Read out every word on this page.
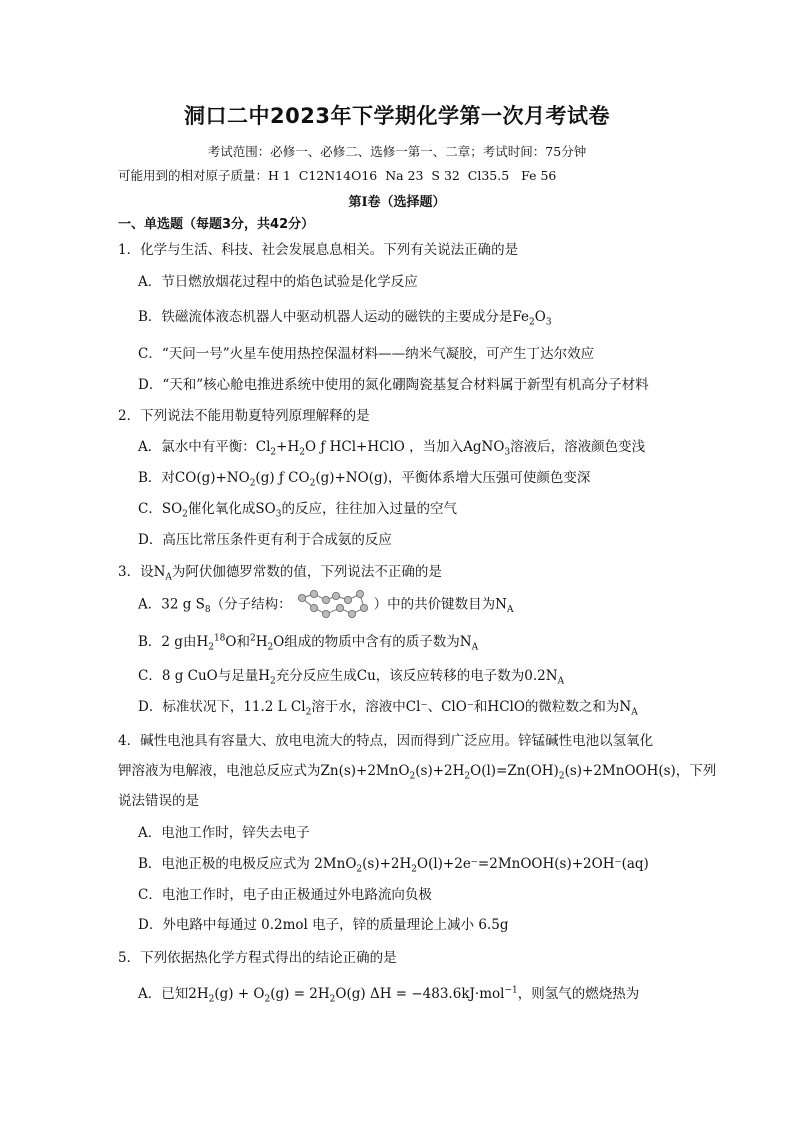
洞口二中2023年下学期化学第一次月考试卷
考试范围：必修一、必修二、选修一第一、二章；考试时间：75分钟
可能用到的相对原子质量：H 1  C12N14O16  Na 23  S 32  Cl35.5   Fe 56
第Ⅰ卷（选择题）
一、单选题（每题3分，共42分）
1．化学与生活、科技、社会发展息息相关。下列有关说法正确的是
A．节日燃放烟花过程中的焰色试验是化学反应
B．铁磁流体液态机器人中驱动机器人运动的磁铁的主要成分是$Fe_2O_3$
C．“天问一号”火星车使用热控保温材料——纳米气凝胶，可产生丁达尔效应
D．“天和”核心舱电推进系统中使用的氮化硼陶瓷基复合材料属于新型有机高分子材料
2．下列说法不能用勒夏特列原理解释的是
A．氯水中有平衡：$Cl_2+H_2O$ ƒ HCl+HClO ，当加入AgNO$_3$溶液后，溶液颜色变浅
B．对$CO(g)+NO_2(g)$ ƒ $CO_2(g)+NO(g)$，平衡体系增大压强可使颜色变深
C．$SO_2$催化氧化成$SO_3$的反应，往往加入过量的空气
D．高压比常压条件更有利于合成氨的反应
3．设$N_A$为阿伏伽德罗常数的值，下列说法不正确的是
A．32 g $S_8$（分子结构：	）中的共价键数目为$N_A$
B．2 g由$H_2^{18}O$和$^2H_2O$组成的物质中含有的质子数为$N_A$
C．8 g CuO与足量$H_2$充分反应生成Cu，该反应转移的电子数为$0.2N_A$
D．标准状况下，11.2 L $Cl_2$溶于水，溶液中Cl⁻、ClO⁻和HClO的微粒数之和为$N_A$
4．碱性电池具有容量大、放电电流大的特点，因而得到广泛应用。锌锰碱性电池以氢氧化
钾溶液为电解液，电池总反应式为$Zn(s)+2MnO_2(s)+2H_2O(l)=Zn(OH)_2(s)+2MnOOH(s)$，下列
说法错误的是
A．电池工作时，锌失去电子
B．电池正极的电极反应式为 $2MnO_2(s)+2H_2O(l)+2e^-=2MnOOH(s)+2OH^-(aq)$
C．电池工作时，电子由正极通过外电路流向负极
D．外电路中每通过 0.2mol 电子，锌的质量理论上减小 6.5g
5．下列依据热化学方程式得出的结论正确的是
A．已知$2H_2(g) + O_2(g) = 2H_2O(g) \Delta H = -483.6kJ\cdot mol^{-1}$，则氢气的燃烧热为
